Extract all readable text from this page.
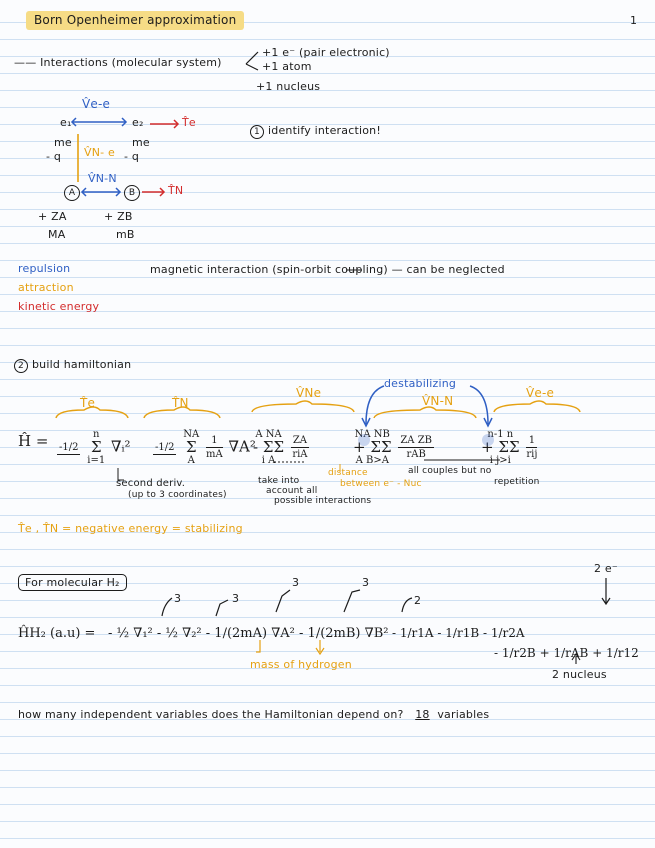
Born Openheimer approximation	1
—— Interactions (molecular system)
+1 e⁻ (pair electronic)
+1 atom
+1 nucleus
V̂e-e
e₁	e₂	T̂e
me
- q V̂N- e
me
- q
V̂N-N
A	B	T̂N
+ ZA	+ ZB
MA	mB
1 identify interaction!
repulsion
attraction
kinetic energy
magnetic interaction (spin-orbit coupling) — can be neglected
2 build hamiltonian
destabilizing
T̂e	T̂N
V̂Ne
V̂N-N
V̂e-e
Ĥ = -1/2

n
Σ
i=1
∇ᵢ² -1/2

NA
Σ
A
	$\frac{1}{mA} \nabla A^2$
A NA
- ΣΣ
i A
	$\frac{ZA}{\text{riA}}$	NA NB
+ ΣΣ
A B>A
$\frac{\text{ZA ZB}}{\text{rAB}}$	n-1 n
+ ΣΣ
i j>i
	$\frac{1}{\text{rij}}$
second deriv.
(up to 3 coordinates)
take into
account all
possible interactions
distance
between e⁻ - Nuc
all couples but no
repetition
T̂e , T̂N = negative energy = stabilizing
For molecular H₂
2 e⁻
ĤH₂ (a.u) = - ½ ∇₁² - ½ ∇₂² - 1/(2mA) ∇A² - 1/(2mB) ∇B² - 1/r1A - 1/r1B - 1/r2A
- 1/r2B + 1/rAB + 1/r12
3	3
3	3
2
mass of hydrogen
2 nucleus
how many independent variables does the Hamiltonian depend on? 18 variables
